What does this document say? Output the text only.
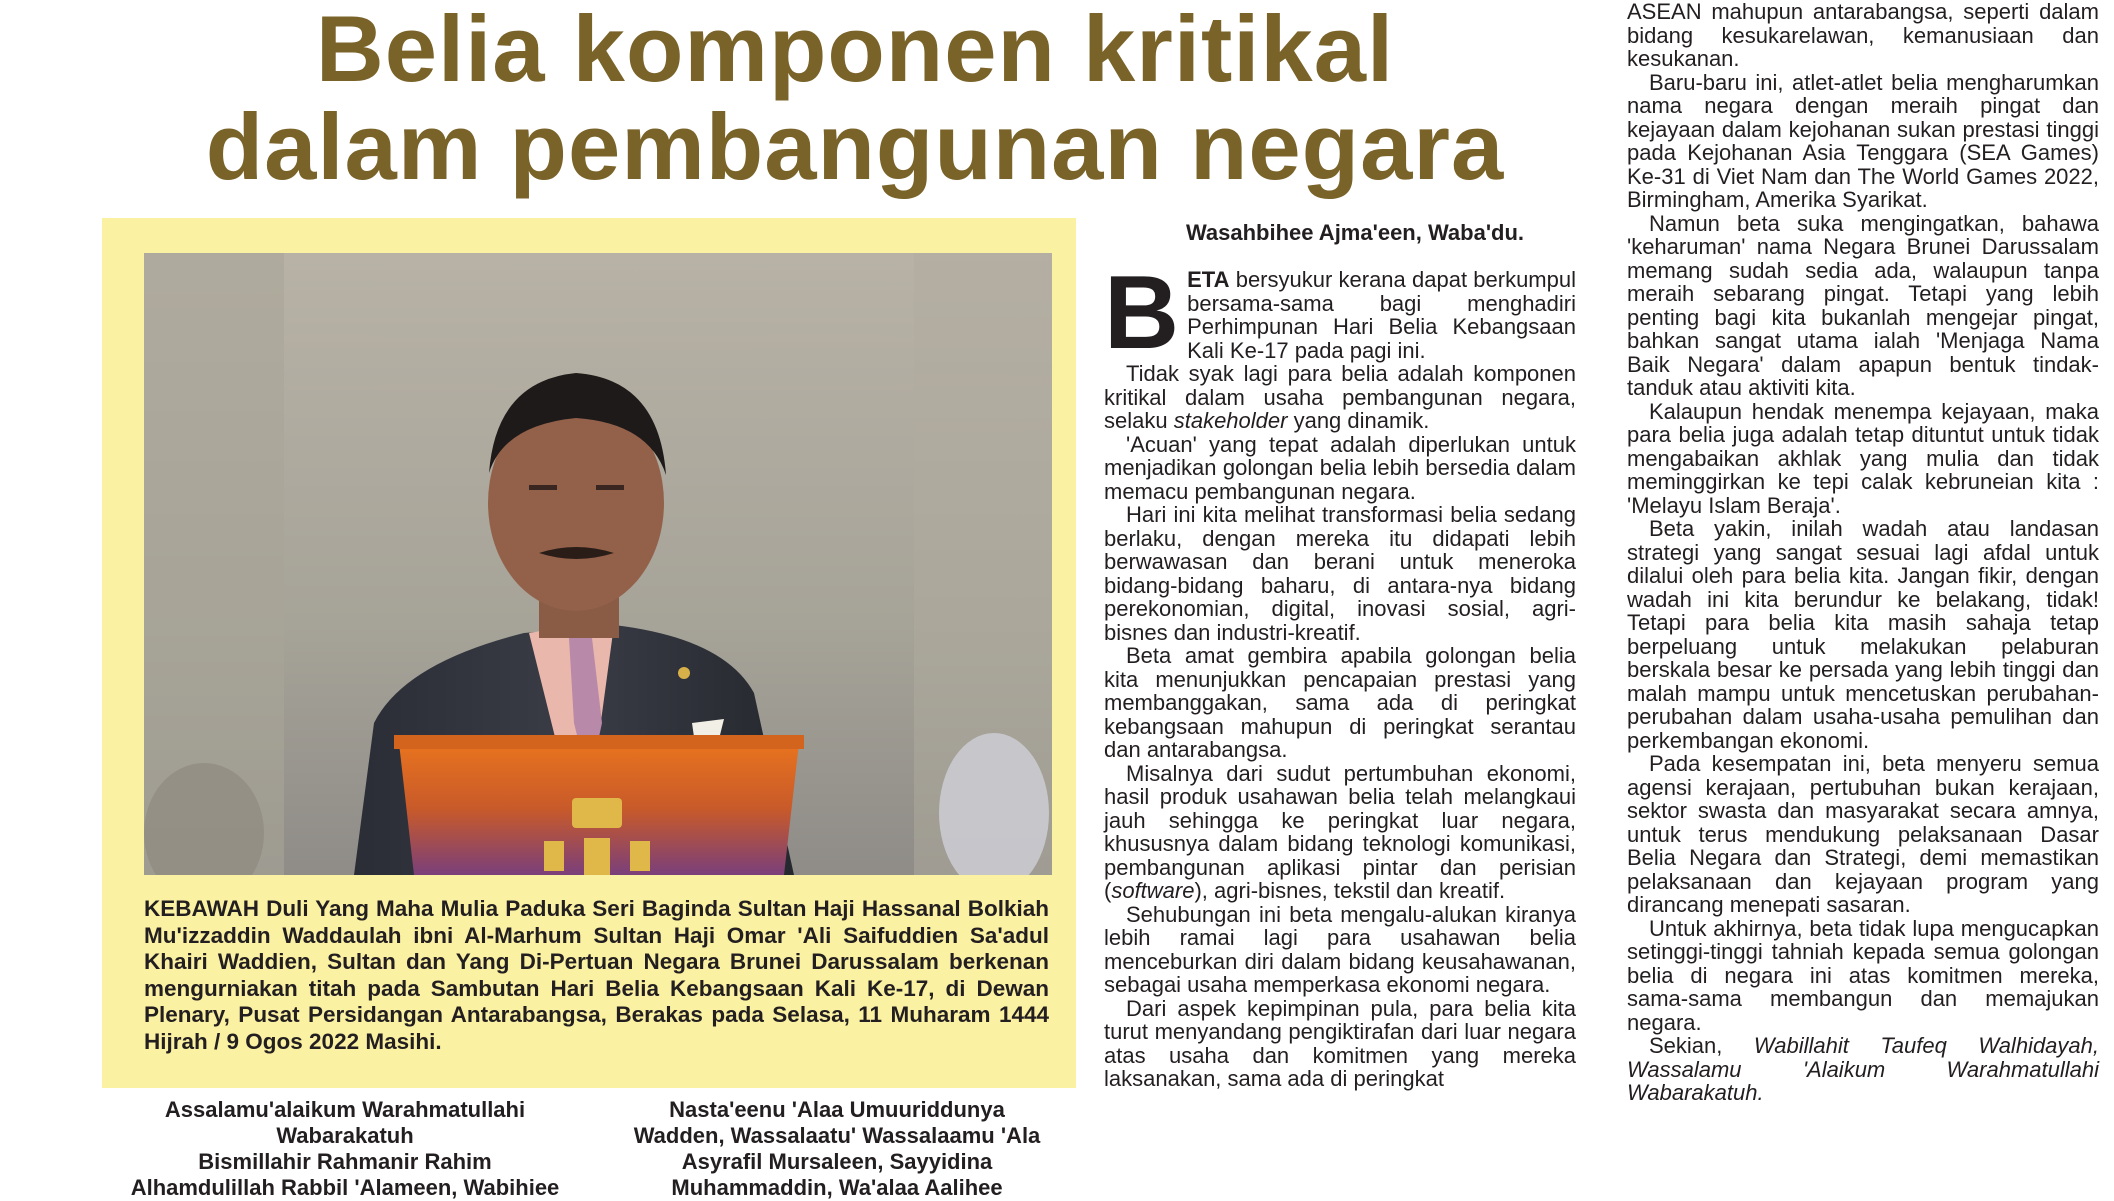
Belia komponen kritikal
dalam pembangunan negara
KEBAWAH Duli Yang Maha Mulia Paduka Seri Baginda Sultan Haji Hassanal Bolkiah Mu'izzaddin Waddaulah ibni Al-Marhum Sultan Haji Omar 'Ali Saifuddien Sa'adul Khairi Waddien, Sultan dan Yang Di-Pertuan Negara Brunei Darussalam berkenan mengurniakan titah pada Sambutan Hari Belia Kebangsaan Kali Ke-17, di Dewan Plenary, Pusat Persidangan Antarabangsa, Berakas pada Selasa, 11 Muharam 1444 Hijrah / 9 Ogos 2022 Masihi.
Assalamu'alaikum Warahmatullahi
Wabarakatuh
Bismillahir Rahmanir Rahim
Alhamdulillah Rabbil 'Alameen, Wabihiee
Nasta'eenu 'Alaa Umuuriddunya
Wadden, Wassalaatu' Wassalaamu 'Ala
Asyrafil Mursaleen, Sayyidina
Muhammaddin, Wa'alaa Aalihee
Wasahbihee Ajma'een, Waba'du.

BETA bersyukur kerana dapat berkumpul bersama-sama bagi menghadiri Perhimpunan Hari Belia Kebangsaan Kali Ke-17 pada pagi ini.

Tidak syak lagi para belia adalah komponen kritikal dalam usaha pembangunan negara, selaku stakeholder yang dinamik.

'Acuan' yang tepat adalah diperlukan untuk menjadikan golongan belia lebih bersedia dalam memacu pembangunan negara.

Hari ini kita melihat transformasi belia sedang berlaku, dengan mereka itu didapati lebih berwawasan dan berani untuk meneroka bidang-bidang baharu, di antara-nya bidang perekonomian, digital, inovasi sosial, agri-bisnes dan industri-kreatif.

Beta amat gembira apabila golongan belia kita menunjukkan pencapaian prestasi yang membanggakan, sama ada di peringkat kebangsaan mahupun di peringkat serantau dan antarabangsa.

Misalnya dari sudut pertumbuhan ekonomi, hasil produk usahawan belia telah melangkaui jauh sehingga ke peringkat luar negara, khususnya dalam bidang teknologi komunikasi, pembangunan aplikasi pintar dan perisian (software), agri-bisnes, tekstil dan kreatif.

Sehubungan ini beta mengalu-alukan kiranya lebih ramai lagi para usahawan belia menceburkan diri dalam bidang keusahawanan, sebagai usaha memperkasa ekonomi negara.

Dari aspek kepimpinan pula, para belia kita turut menyandang pengiktirafan dari luar negara atas usaha dan komitmen yang mereka laksanakan, sama ada di peringkat

ASEAN mahupun antarabangsa, seperti dalam bidang kesukarelawan, kemanusiaan dan kesukanan.

Baru-baru ini, atlet-atlet belia mengharumkan nama negara dengan meraih pingat dan kejayaan dalam kejohanan sukan prestasi tinggi pada Kejohanan Asia Tenggara (SEA Games) Ke-31 di Viet Nam dan The World Games 2022, Birmingham, Amerika Syarikat.

Namun beta suka mengingatkan, bahawa 'keharuman' nama Negara Brunei Darussalam memang sudah sedia ada, walaupun tanpa meraih sebarang pingat. Tetapi yang lebih penting bagi kita bukanlah mengejar pingat, bahkan sangat utama ialah 'Menjaga Nama Baik Negara' dalam apapun bentuk tindak-tanduk atau aktiviti kita.

Kalaupun hendak menempa kejayaan, maka para belia juga adalah tetap dituntut untuk tidak mengabaikan akhlak yang mulia dan tidak meminggirkan ke tepi calak kebruneian kita : 'Melayu Islam Beraja'.

Beta yakin, inilah wadah atau landasan strategi yang sangat sesuai lagi afdal untuk dilalui oleh para belia kita. Jangan fikir, dengan wadah ini kita berundur ke belakang, tidak! Tetapi para belia kita masih sahaja tetap berpeluang untuk melakukan pelaburan berskala besar ke persada yang lebih tinggi dan malah mampu untuk mencetuskan perubahan-perubahan dalam usaha-usaha pemulihan dan perkembangan ekonomi.

Pada kesempatan ini, beta menyeru semua agensi kerajaan, pertubuhan bukan kerajaan, sektor swasta dan masyarakat secara amnya, untuk terus mendukung pelaksanaan Dasar Belia Negara dan Strategi, demi memastikan pelaksanaan dan kejayaan program yang dirancang menepati sasaran.

Untuk akhirnya, beta tidak lupa mengucapkan setinggi-tinggi tahniah kepada semua golongan belia di negara ini atas komitmen mereka, sama-sama membangun dan memajukan negara.

Sekian, Wabillahit Taufeq Walhidayah, Wassalamu 'Alaikum Warahmatullahi Wabarakatuh.
